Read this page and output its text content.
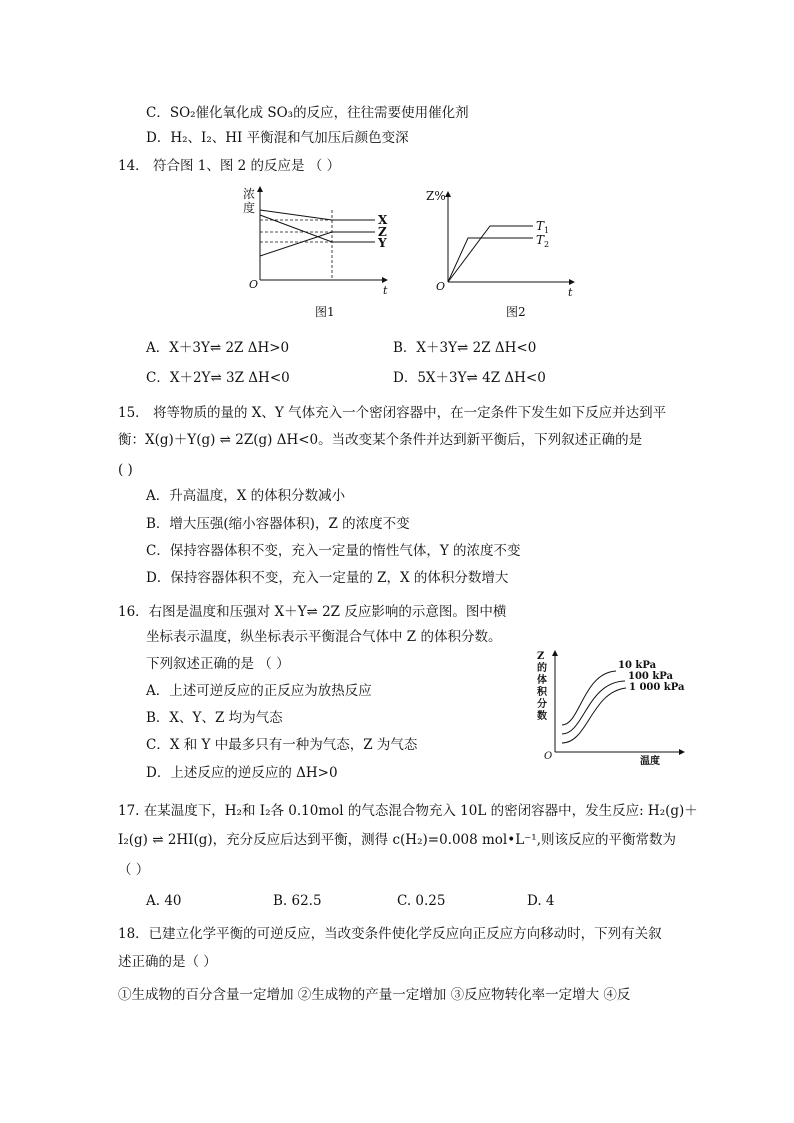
C．SO₂催化氧化成 SO₃的反应，往往需要使用催化剂
D．H₂、I₂、HI 平衡混和气加压后颜色变深
14． 符合图 1、图 2 的反应是 （ ）
浓
度
O	t
X
Z
Y
图1
Z%
O	t
$T_1$
$T_2$
图2
A．X＋3Y⇌ 2Z ΔH>0	B．X＋3Y⇌ 2Z ΔH<0
C．X＋2Y⇌ 3Z ΔH<0	D．5X＋3Y⇌ 4Z ΔH<0
15． 将等物质的量的 X、Y 气体充入一个密闭容器中，在一定条件下发生如下反应并达到平
衡：X(g)＋Y(g) ⇌ 2Z(g) ΔH<0。当改变某个条件并达到新平衡后，下列叙述正确的是
( )
A．升高温度，X 的体积分数减小
B．增大压强(缩小容器体积)，Z 的浓度不变
C．保持容器体积不变，充入一定量的惰性气体，Y 的浓度不变
D．保持容器体积不变，充入一定量的 Z，X 的体积分数增大
16．右图是温度和压强对 X＋Y⇌ 2Z 反应影响的示意图。图中横
坐标表示温度，纵坐标表示平衡混合气体中 Z 的体积分数。
下列叙述正确的是 （ ）
A．上述可逆反应的正反应为放热反应
B．X、Y、Z 均为气态
C．X 和 Y 中最多只有一种为气态，Z 为气态
D．上述反应的逆反应的 ΔH>0
Z
的
体
积
分
数
O	温度
10 kPa
100 kPa
1 000 kPa
17. 在某温度下，H₂和 I₂各 0.10mol 的气态混合物充入 10L 的密闭容器中，发生反应: H₂(g)＋
I₂(g) ⇌ 2HI(g)，充分反应后达到平衡，测得 c(H₂)=0.008 mol•L⁻¹,则该反应的平衡常数为
（ ）
A. 40	B. 62.5	C. 0.25	D. 4
18．已建立化学平衡的可逆反应，当改变条件使化学反应向正反应方向移动时，下列有关叙
述正确的是（ ）
①生成物的百分含量一定增加 ②生成物的产量一定增加 ③反应物转化率一定增大 ④反
